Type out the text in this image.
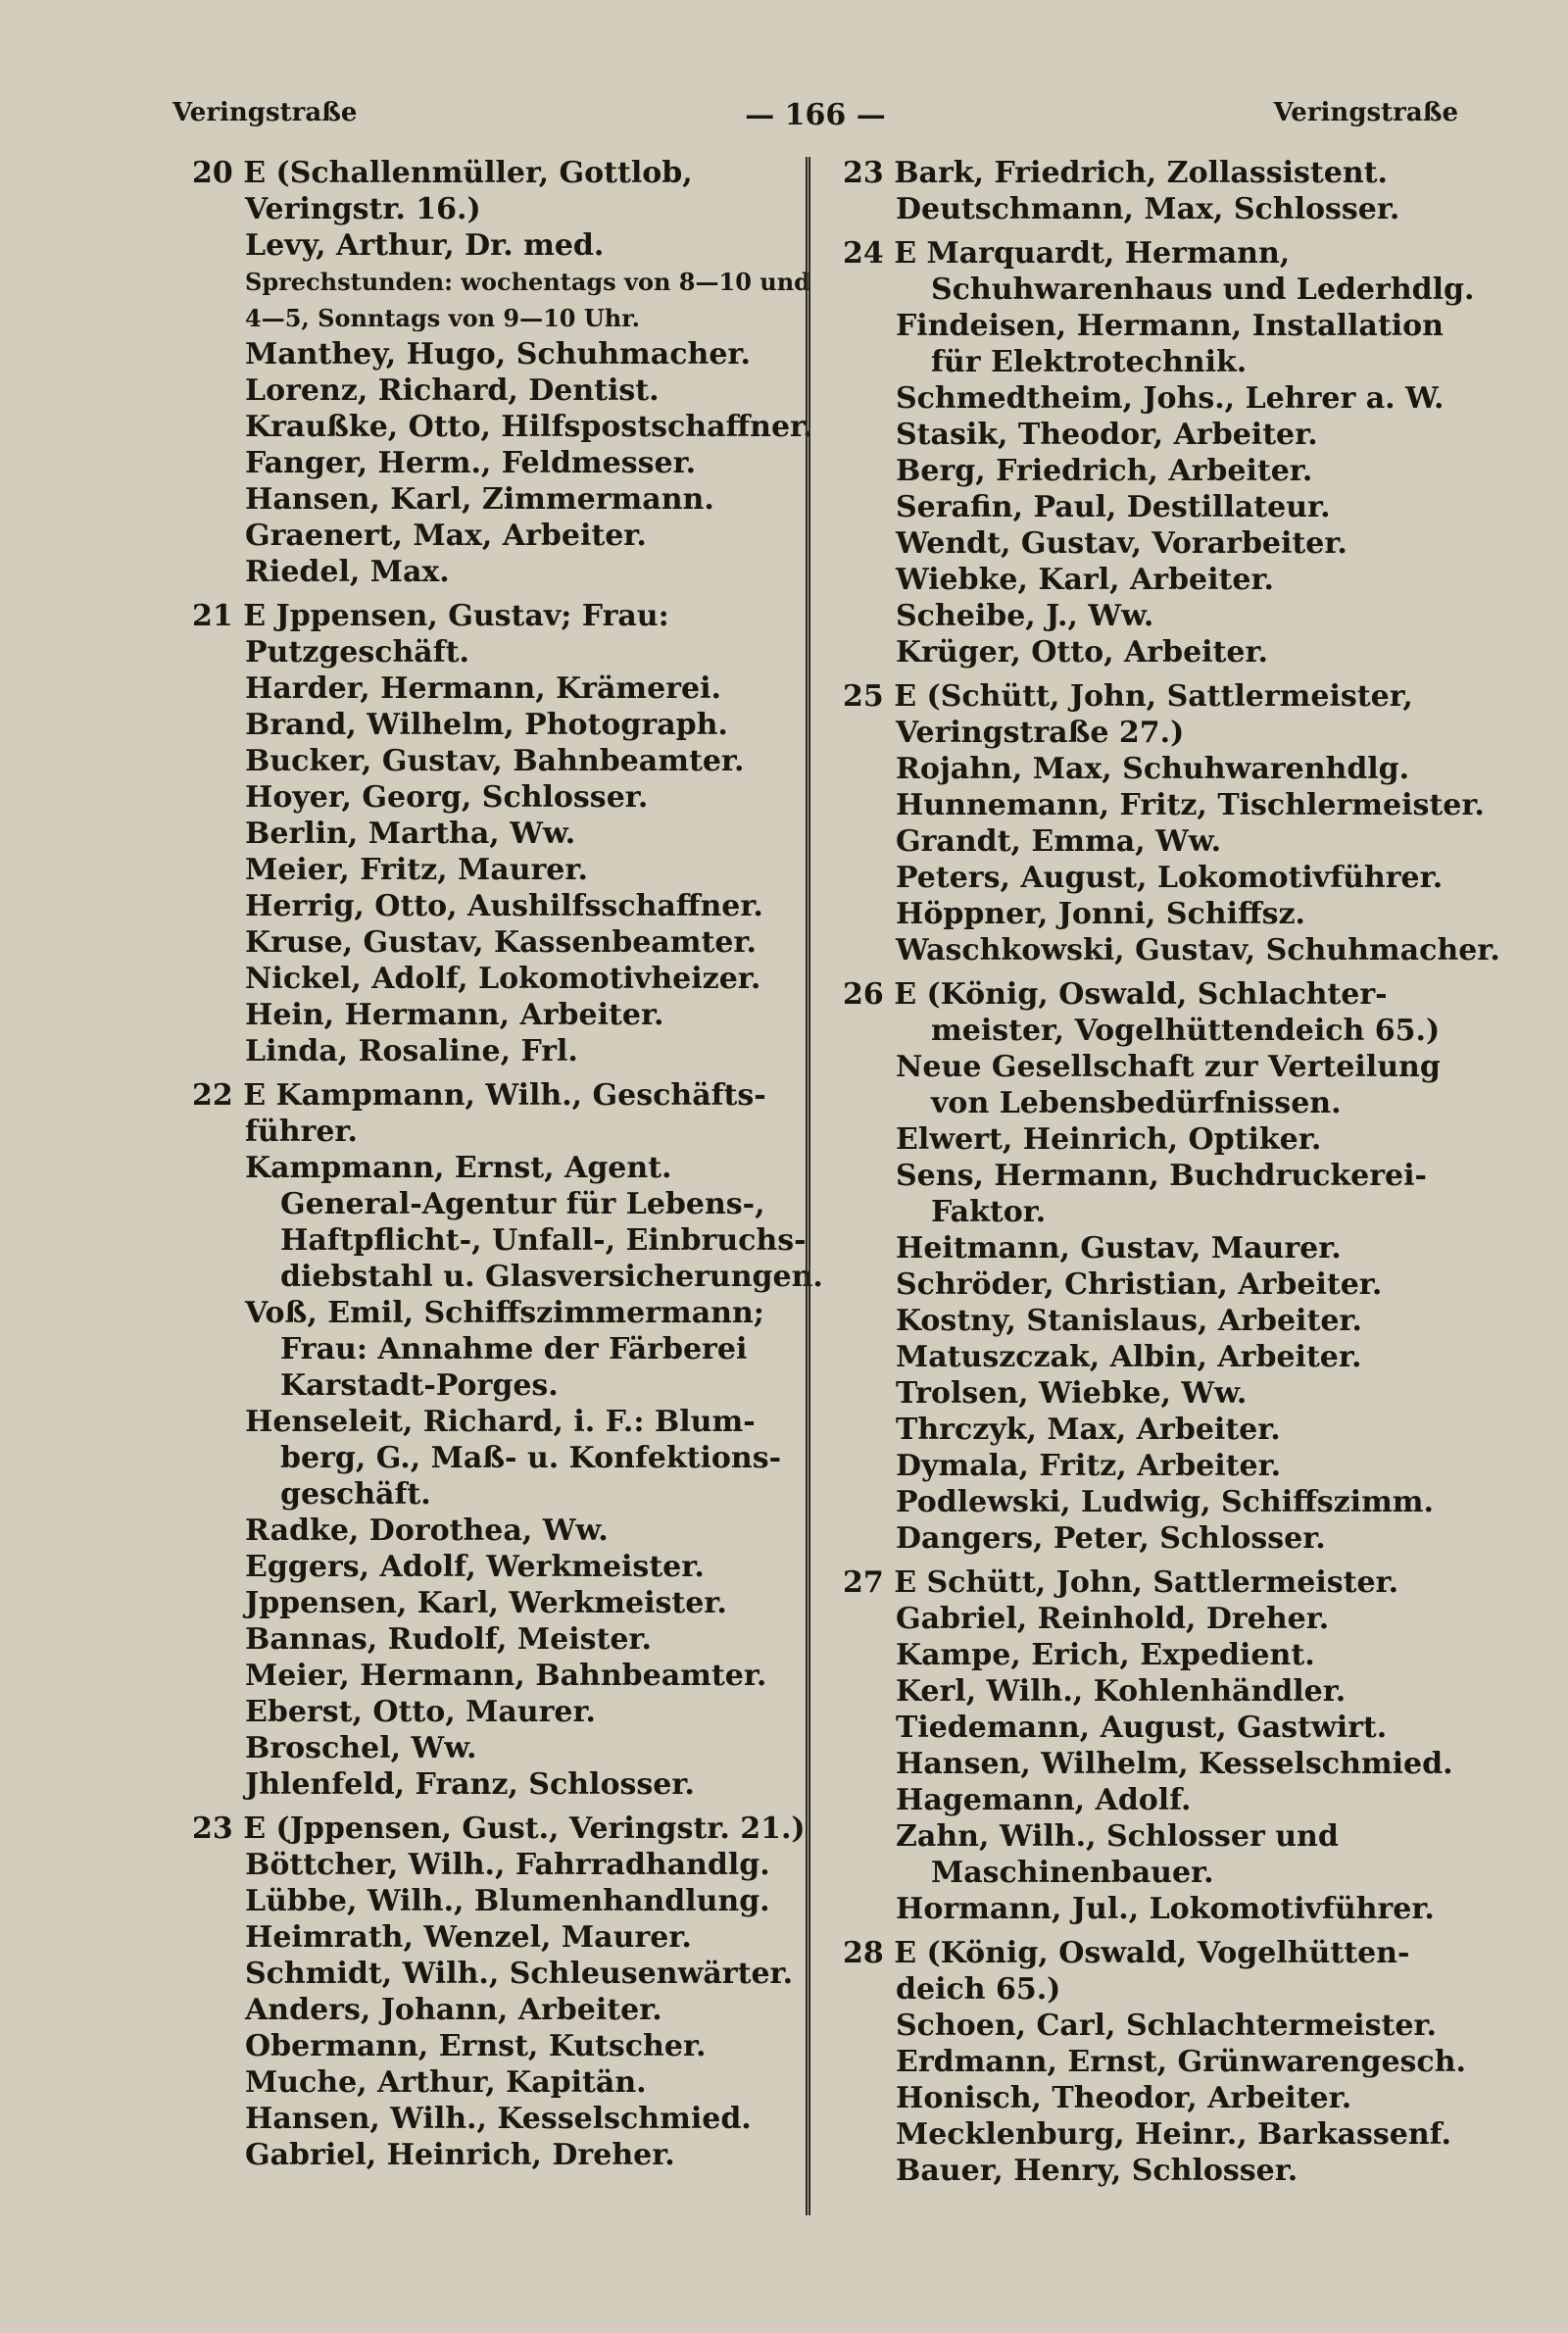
Veringstraße	— 166 —	Veringstraße
20 E (Schallenmüller, Gottlob,
Veringstr. 16.)
Levy, Arthur, Dr. med.
Sprechstunden: wochentags von 8—10 und
4—5, Sonntags von 9—10 Uhr.
Manthey, Hugo, Schuhmacher.
Lorenz, Richard, Dentist.
Kraußke, Otto, Hilfspostschaffner.
Fanger, Herm., Feldmesser.
Hansen, Karl, Zimmermann.
Graenert, Max, Arbeiter.
Riedel, Max.
21 E Jppensen, Gustav; Frau:
Putzgeschäft.
Harder, Hermann, Krämerei.
Brand, Wilhelm, Photograph.
Bucker, Gustav, Bahnbeamter.
Hoyer, Georg, Schlosser.
Berlin, Martha, Ww.
Meier, Fritz, Maurer.
Herrig, Otto, Aushilfsschaffner.
Kruse, Gustav, Kassenbeamter.
Nickel, Adolf, Lokomotivheizer.
Hein, Hermann, Arbeiter.
Linda, Rosaline, Frl.
22 E Kampmann, Wilh., Geschäfts-
führer.
Kampmann, Ernst, Agent.
General-Agentur für Lebens-,
Haftpflicht-, Unfall-, Einbruchs-
diebstahl u. Glasversicherungen.
Voß, Emil, Schiffszimmermann;
Frau: Annahme der Färberei
Karstadt-Porges.
Henseleit, Richard, i. F.: Blum-
berg, G., Maß- u. Konfektions-
geschäft.
Radke, Dorothea, Ww.
Eggers, Adolf, Werkmeister.
Jppensen, Karl, Werkmeister.
Bannas, Rudolf, Meister.
Meier, Hermann, Bahnbeamter.
Eberst, Otto, Maurer.
Broschel, Ww.
Jhlenfeld, Franz, Schlosser.
23 E (Jppensen, Gust., Veringstr. 21.)
Böttcher, Wilh., Fahrradhandlg.
Lübbe, Wilh., Blumenhandlung.
Heimrath, Wenzel, Maurer.
Schmidt, Wilh., Schleusenwärter.
Anders, Johann, Arbeiter.
Obermann, Ernst, Kutscher.
Muche, Arthur, Kapitän.
Hansen, Wilh., Kesselschmied.
Gabriel, Heinrich, Dreher.
23 Bark, Friedrich, Zollassistent.
Deutschmann, Max, Schlosser.
24 E Marquardt, Hermann,
Schuhwarenhaus und Lederhdlg.
Findeisen, Hermann, Installation
für Elektrotechnik.
Schmedtheim, Johs., Lehrer a. W.
Stasik, Theodor, Arbeiter.
Berg, Friedrich, Arbeiter.
Serafin, Paul, Destillateur.
Wendt, Gustav, Vorarbeiter.
Wiebke, Karl, Arbeiter.
Scheibe, J., Ww.
Krüger, Otto, Arbeiter.
25 E (Schütt, John, Sattlermeister,
Veringstraße 27.)
Rojahn, Max, Schuhwarenhdlg.
Hunnemann, Fritz, Tischlermeister.
Grandt, Emma, Ww.
Peters, August, Lokomotivführer.
Höppner, Jonni, Schiffsz.
Waschkowski, Gustav, Schuhmacher.
26 E (König, Oswald, Schlachter-
meister, Vogelhüttendeich 65.)
Neue Gesellschaft zur Verteilung
von Lebensbedürfnissen.
Elwert, Heinrich, Optiker.
Sens, Hermann, Buchdruckerei-
Faktor.
Heitmann, Gustav, Maurer.
Schröder, Christian, Arbeiter.
Kostny, Stanislaus, Arbeiter.
Matuszczak, Albin, Arbeiter.
Trolsen, Wiebke, Ww.
Thrczyk, Max, Arbeiter.
Dymala, Fritz, Arbeiter.
Podlewski, Ludwig, Schiffszimm.
Dangers, Peter, Schlosser.
27 E Schütt, John, Sattlermeister.
Gabriel, Reinhold, Dreher.
Kampe, Erich, Expedient.
Kerl, Wilh., Kohlenhändler.
Tiedemann, August, Gastwirt.
Hansen, Wilhelm, Kesselschmied.
Hagemann, Adolf.
Zahn, Wilh., Schlosser und
Maschinenbauer.
Hormann, Jul., Lokomotivführer.
28 E (König, Oswald, Vogelhütten-
deich 65.)
Schoen, Carl, Schlachtermeister.
Erdmann, Ernst, Grünwarengesch.
Honisch, Theodor, Arbeiter.
Mecklenburg, Heinr., Barkassenf.
Bauer, Henry, Schlosser.
